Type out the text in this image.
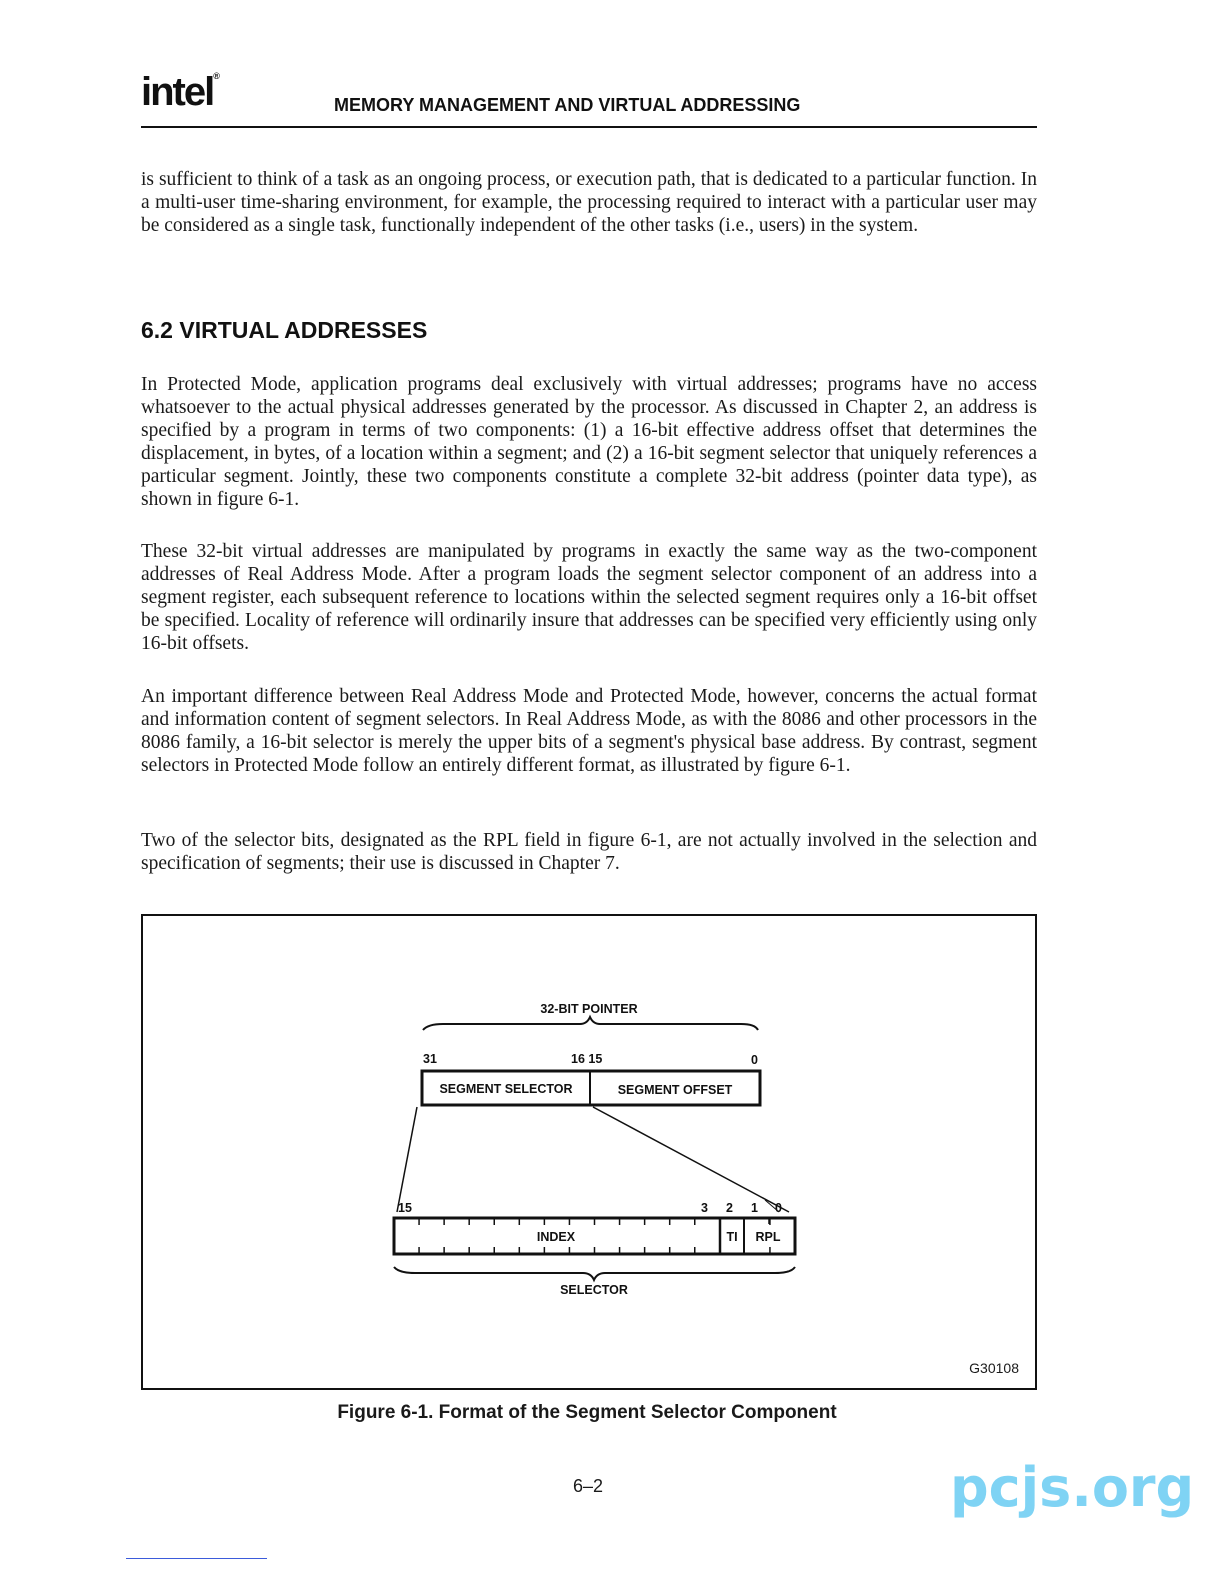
intel®
MEMORY MANAGEMENT AND VIRTUAL ADDRESSING

is sufficient to think of a task as an ongoing process, or execution path, that is dedicated to a particular function. In a multi-user time-sharing environment, for example, the processing required to interact with a particular user may be considered as a single task, functionally independent of the other tasks (i.e., users) in the system.

6.2 VIRTUAL ADDRESSES

In Protected Mode, application programs deal exclusively with virtual addresses; programs have no access whatsoever to the actual physical addresses generated by the processor. As discussed in Chapter 2, an address is specified by a program in terms of two components: (1) a 16-bit effective address offset that determines the displacement, in bytes, of a location within a segment; and (2) a 16-bit segment selector that uniquely references a particular segment. Jointly, these two components constitute a complete 32-bit address (pointer data type), as shown in figure 6-1.

These 32-bit virtual addresses are manipulated by programs in exactly the same way as the two-component addresses of Real Address Mode. After a program loads the segment selector component of an address into a segment register, each subsequent reference to locations within the selected segment requires only a 16-bit offset be specified. Locality of reference will ordinarily insure that addresses can be specified very efficiently using only 16-bit offsets.

An important difference between Real Address Mode and Protected Mode, however, concerns the actual format and information content of segment selectors. In Real Address Mode, as with the 8086 and other processors in the 8086 family, a 16-bit selector is merely the upper bits of a segment's physical base address. By contrast, segment selectors in Protected Mode follow an entirely different format, as illustrated by figure 6-1.

Two of the selector bits, designated as the RPL field in figure 6-1, are not actually involved in the selection and specification of segments; their use is discussed in Chapter 7.

32-BIT POINTER
31	16 15	0
SEGMENT SELECTOR	SEGMENT OFFSET
15	3 2 1 0
INDEX	TI RPL
SELECTOR
G30108

Figure 6-1. Format of the Segment Selector Component

6–2	pcjs.org
